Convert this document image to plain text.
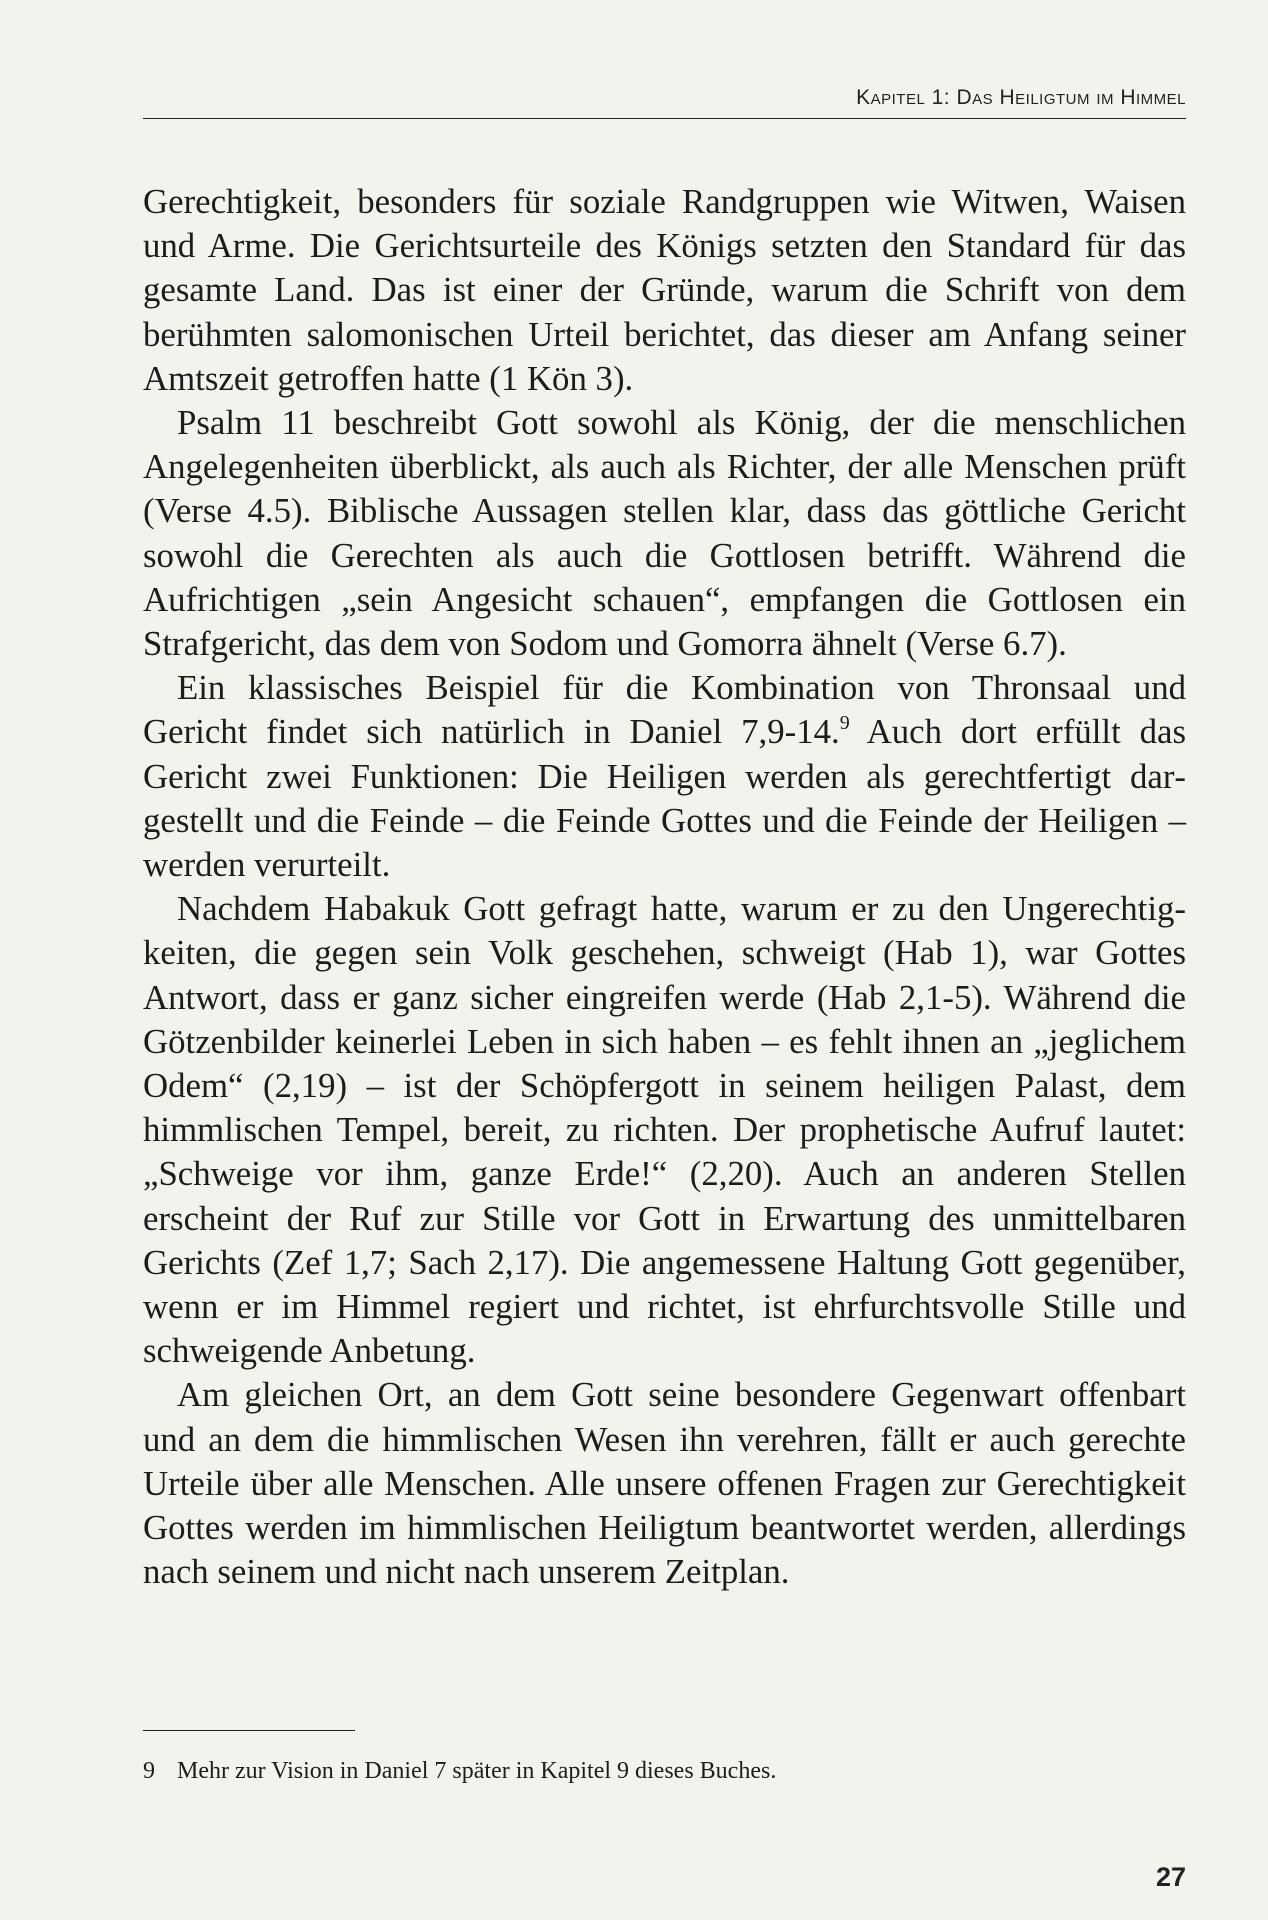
Kapitel 1: Das Heiligtum im Himmel

Gerechtigkeit, besonders für soziale Randgruppen wie Witwen, Waisen und Arme. Die Gerichtsurteile des Königs setzten den Standard für das gesamte Land. Das ist einer der Gründe, warum die Schrift von dem berühmten salomonischen Urteil berichtet, das dieser am Anfang seiner Amtszeit getroffen hatte (1 Kön 3).

Psalm 11 beschreibt Gott sowohl als König, der die menschlichen Angelegenheiten überblickt, als auch als Richter, der alle Menschen prüft (Verse 4.5). Biblische Aussagen stellen klar, dass das göttliche Gericht sowohl die Gerechten als auch die Gottlosen betrifft. Während die Aufrichtigen „sein Angesicht schauen“, empfangen die Gottlosen ein Strafgericht, das dem von Sodom und Gomorra ähnelt (Verse 6.7).

Ein klassisches Beispiel für die Kombination von Thronsaal und Gericht findet sich natürlich in Daniel 7,9-14.$^9$ Auch dort erfüllt das Gericht zwei Funktionen: Die Heiligen werden als gerechtfertigt dargestellt und die Feinde – die Feinde Gottes und die Feinde der Heiligen – werden verurteilt.

Nachdem Habakuk Gott gefragt hatte, warum er zu den Ungerechtigkeiten, die gegen sein Volk geschehen, schweigt (Hab 1), war Gottes Antwort, dass er ganz sicher eingreifen werde (Hab 2,1-5). Während die Götzenbilder keinerlei Leben in sich haben – es fehlt ihnen an „jeglichem Odem“ (2,19) – ist der Schöpfergott in seinem heiligen Palast, dem himmlischen Tempel, bereit, zu richten. Der prophetische Aufruf lautet: „Schweige vor ihm, ganze Erde!“ (2,20). Auch an anderen Stellen erscheint der Ruf zur Stille vor Gott in Erwartung des unmittelbaren Gerichts (Zef 1,7; Sach 2,17). Die angemessene Haltung Gott gegenüber, wenn er im Himmel regiert und richtet, ist ehrfurchtsvolle Stille und schweigende Anbetung.

Am gleichen Ort, an dem Gott seine besondere Gegenwart offenbart und an dem die himmlischen Wesen ihn verehren, fällt er auch gerechte Urteile über alle Menschen. Alle unsere offenen Fragen zur Gerechtigkeit Gottes werden im himmlischen Heiligtum beantwortet werden, allerdings nach seinem und nicht nach unserem Zeitplan.

9 Mehr zur Vision in Daniel 7 später in Kapitel 9 dieses Buches.
27
